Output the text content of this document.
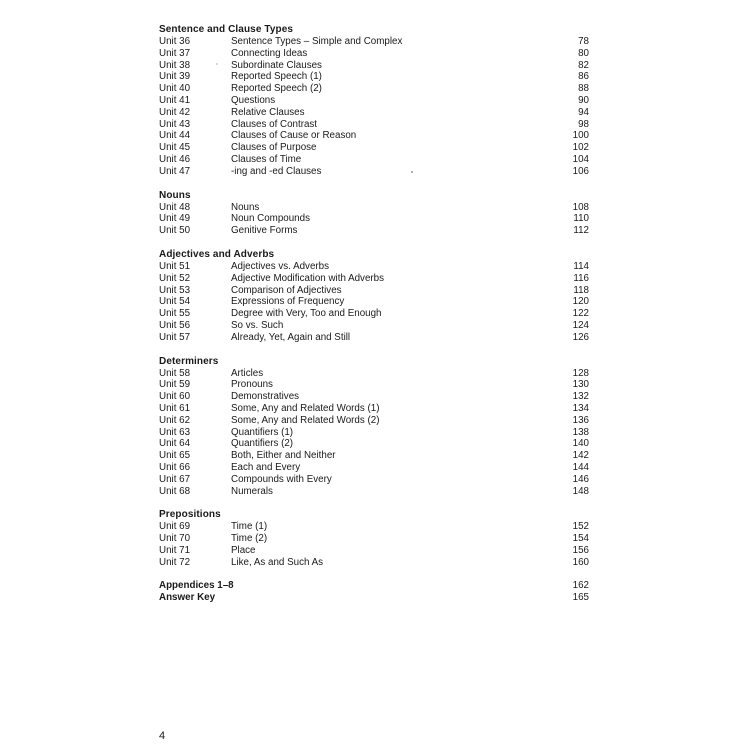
Sentence and Clause Types
Unit 36	Sentence Types – Simple and Complex	78
Unit 37	Connecting Ideas	80
Unit 38	Subordinate Clauses	82
Unit 39	Reported Speech (1)	86
Unit 40	Reported Speech (2)	88
Unit 41	Questions	90
Unit 42	Relative Clauses	94
Unit 43	Clauses of Contrast	98
Unit 44	Clauses of Cause or Reason	100
Unit 45	Clauses of Purpose	102
Unit 46	Clauses of Time	104
Unit 47	-ing and -ed Clauses	106
Nouns
Unit 48	Nouns	108
Unit 49	Noun Compounds	110
Unit 50	Genitive Forms	112
Adjectives and Adverbs
Unit 51	Adjectives vs. Adverbs	114
Unit 52	Adjective Modification with Adverbs	116
Unit 53	Comparison of Adjectives	118
Unit 54	Expressions of Frequency	120
Unit 55	Degree with Very, Too and Enough	122
Unit 56	So vs. Such	124
Unit 57	Already, Yet, Again and Still	126
Determiners
Unit 58	Articles	128
Unit 59	Pronouns	130
Unit 60	Demonstratives	132
Unit 61	Some, Any and Related Words (1)	134
Unit 62	Some, Any and Related Words (2)	136
Unit 63	Quantifiers (1)	138
Unit 64	Quantifiers (2)	140
Unit 65	Both, Either and Neither	142
Unit 66	Each and Every	144
Unit 67	Compounds with Every	146
Unit 68	Numerals	148
Prepositions
Unit 69	Time (1)	152
Unit 70	Time (2)	154
Unit 71	Place	156
Unit 72	Like, As and Such As	160
Appendices 1–8	162
Answer Key	165
4
